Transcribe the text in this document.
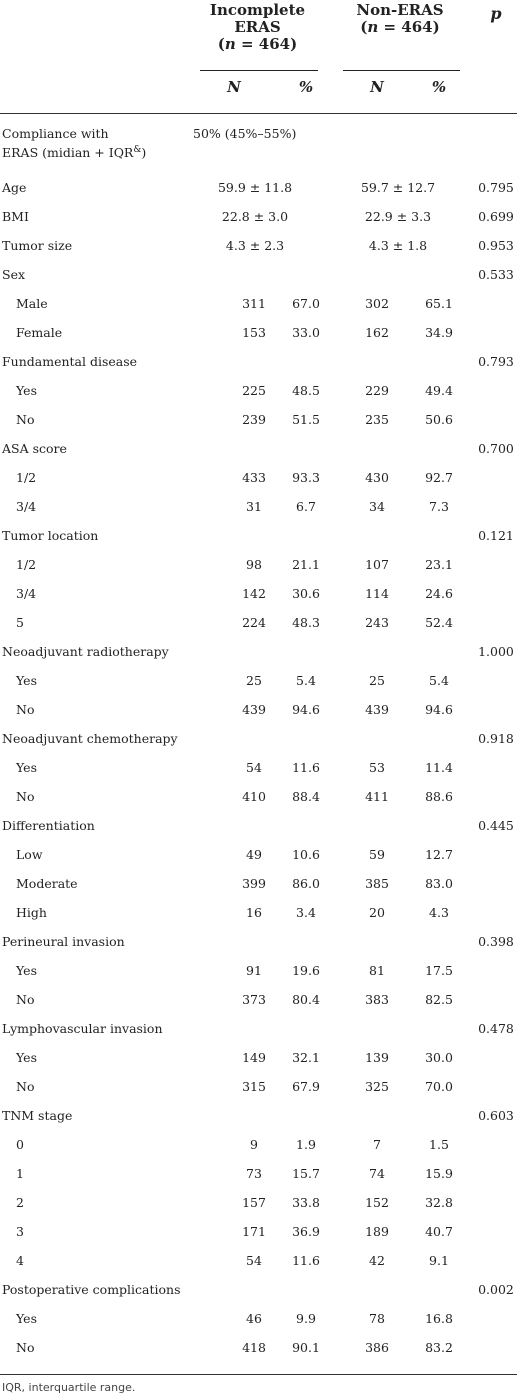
Incomplete
ERAS
(n = 464)
Non-ERAS
(n = 464)
p
N	%	N	%
Compliance with
ERAS (midian + IQR&)
50% (45%–55%)
Age	59.9 ± 11.8	59.7 ± 12.7	0.795
BMI	22.8 ± 3.0	22.9 ± 3.3	0.699
Tumor size	4.3 ± 2.3	4.3 ± 1.8	0.953
Sex	0.533
Male	311	67.0	302	65.1
Female	153	33.0	162	34.9
Fundamental disease	0.793
Yes	225	48.5	229	49.4
No	239	51.5	235	50.6
ASA score	0.700
1/2	433	93.3	430	92.7
3/4	31	6.7	34	7.3
Tumor location	0.121
1/2	98	21.1	107	23.1
3/4	142	30.6	114	24.6
5	224	48.3	243	52.4
Neoadjuvant radiotherapy	1.000
Yes	25	5.4	25	5.4
No	439	94.6	439	94.6
Neoadjuvant chemotherapy	0.918
Yes	54	11.6	53	11.4
No	410	88.4	411	88.6
Differentiation	0.445
Low	49	10.6	59	12.7
Moderate	399	86.0	385	83.0
High	16	3.4	20	4.3
Perineural invasion	0.398
Yes	91	19.6	81	17.5
No	373	80.4	383	82.5
Lymphovascular invasion	0.478
Yes	149	32.1	139	30.0
No	315	67.9	325	70.0
TNM stage	0.603
0	9	1.9	7	1.5
1	73	15.7	74	15.9
2	157	33.8	152	32.8
3	171	36.9	189	40.7
4	54	11.6	42	9.1
Postoperative complications	0.002
Yes	46	9.9	78	16.8
No	418	90.1	386	83.2
IQR, interquartile range.
